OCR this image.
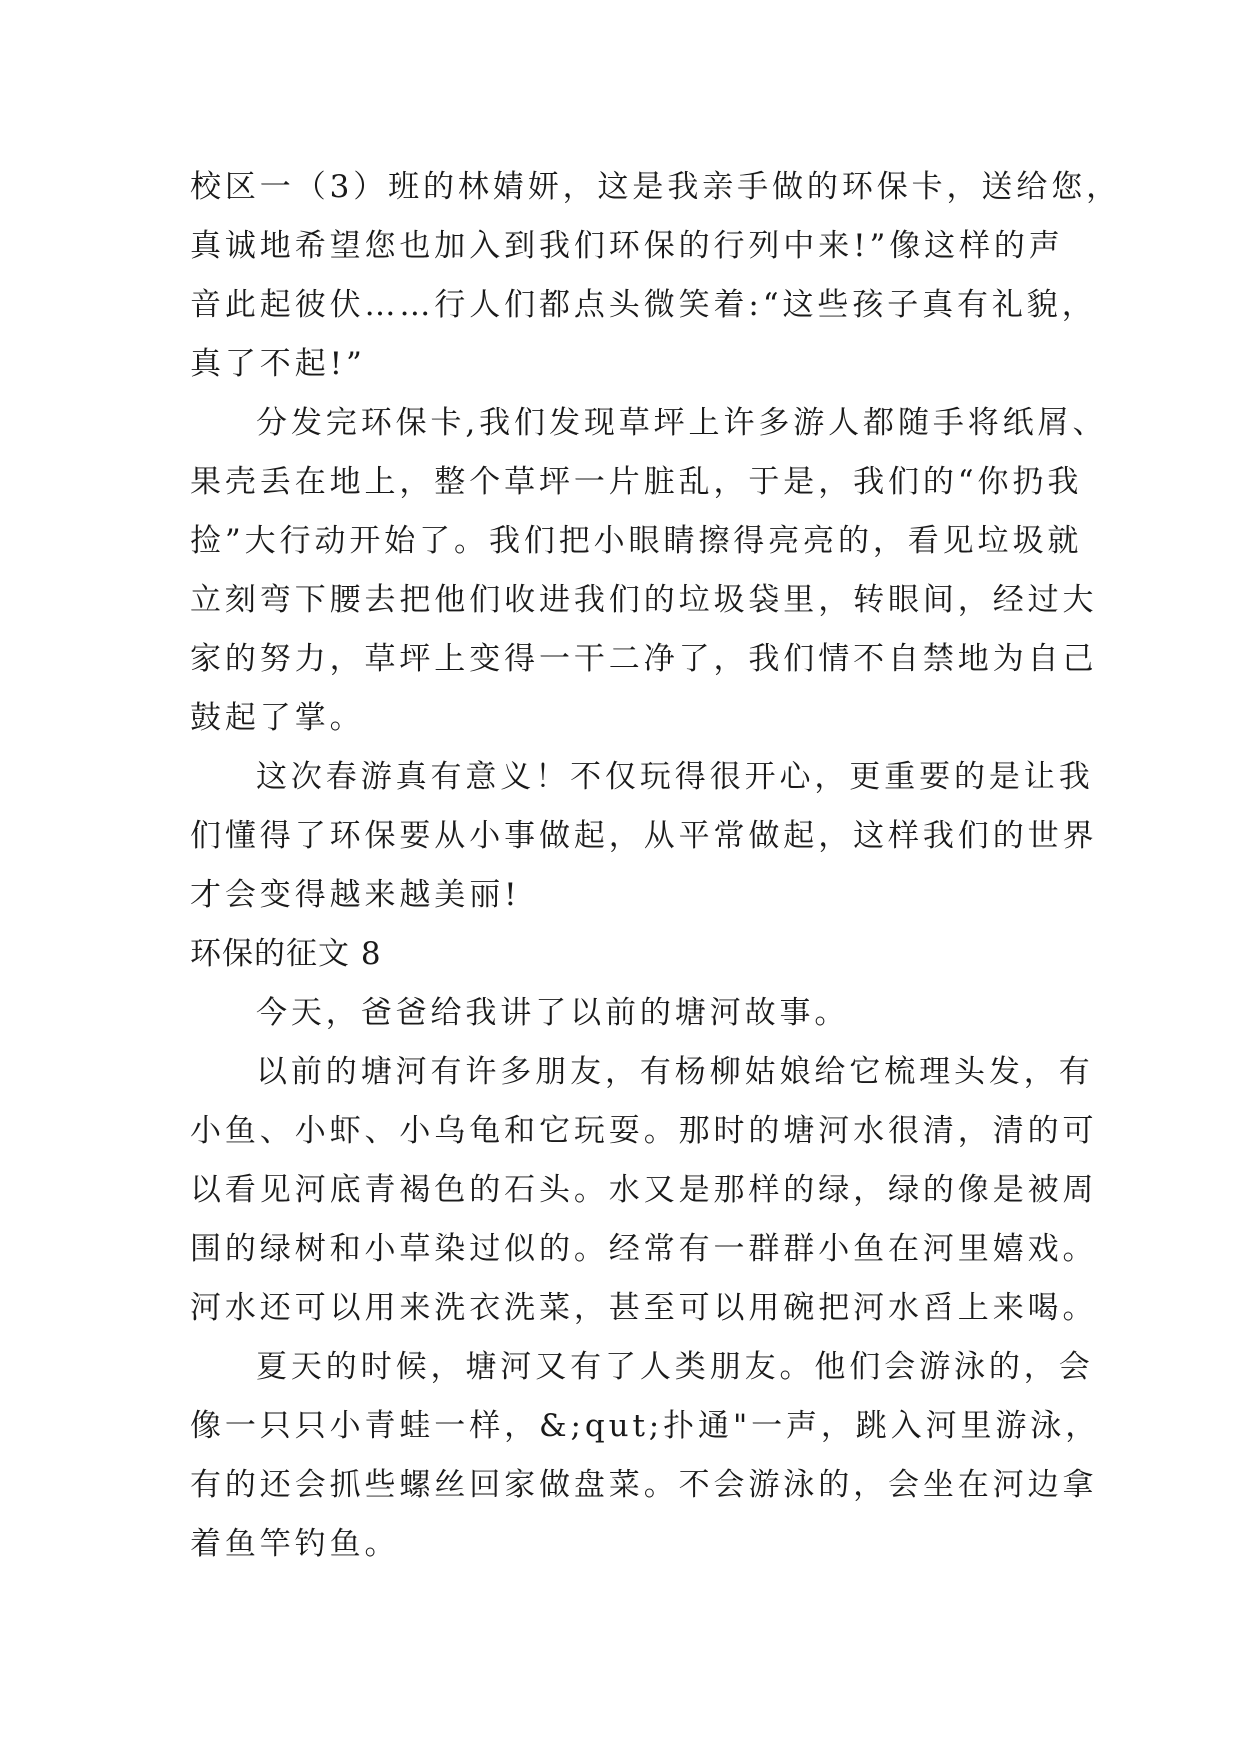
校区一（3）班的林婧妍，这是我亲手做的环保卡，送给您，
真诚地希望您也加入到我们环保的行列中来!”像这样的声
音此起彼伏……行人们都点头微笑着:“这些孩子真有礼貌，
真了不起!”
分发完环保卡,我们发现草坪上许多游人都随手将纸屑、
果壳丢在地上，整个草坪一片脏乱，于是，我们的“你扔我
捡”大行动开始了。我们把小眼睛擦得亮亮的，看见垃圾就
立刻弯下腰去把他们收进我们的垃圾袋里，转眼间，经过大
家的努力，草坪上变得一干二净了，我们情不自禁地为自己
鼓起了掌。
这次春游真有意义！不仅玩得很开心，更重要的是让我
们懂得了环保要从小事做起，从平常做起，这样我们的世界
才会变得越来越美丽!
环保的征文 8
今天，爸爸给我讲了以前的塘河故事。
以前的塘河有许多朋友，有杨柳姑娘给它梳理头发，有
小鱼、小虾、小乌龟和它玩耍。那时的塘河水很清，清的可
以看见河底青褐色的石头。水又是那样的绿，绿的像是被周
围的绿树和小草染过似的。经常有一群群小鱼在河里嬉戏。
河水还可以用来洗衣洗菜，甚至可以用碗把河水舀上来喝。
夏天的时候，塘河又有了人类朋友。他们会游泳的，会
像一只只小青蛙一样，&;qut;扑通"一声，跳入河里游泳，
有的还会抓些螺丝回家做盘菜。不会游泳的，会坐在河边拿
着鱼竿钓鱼。
